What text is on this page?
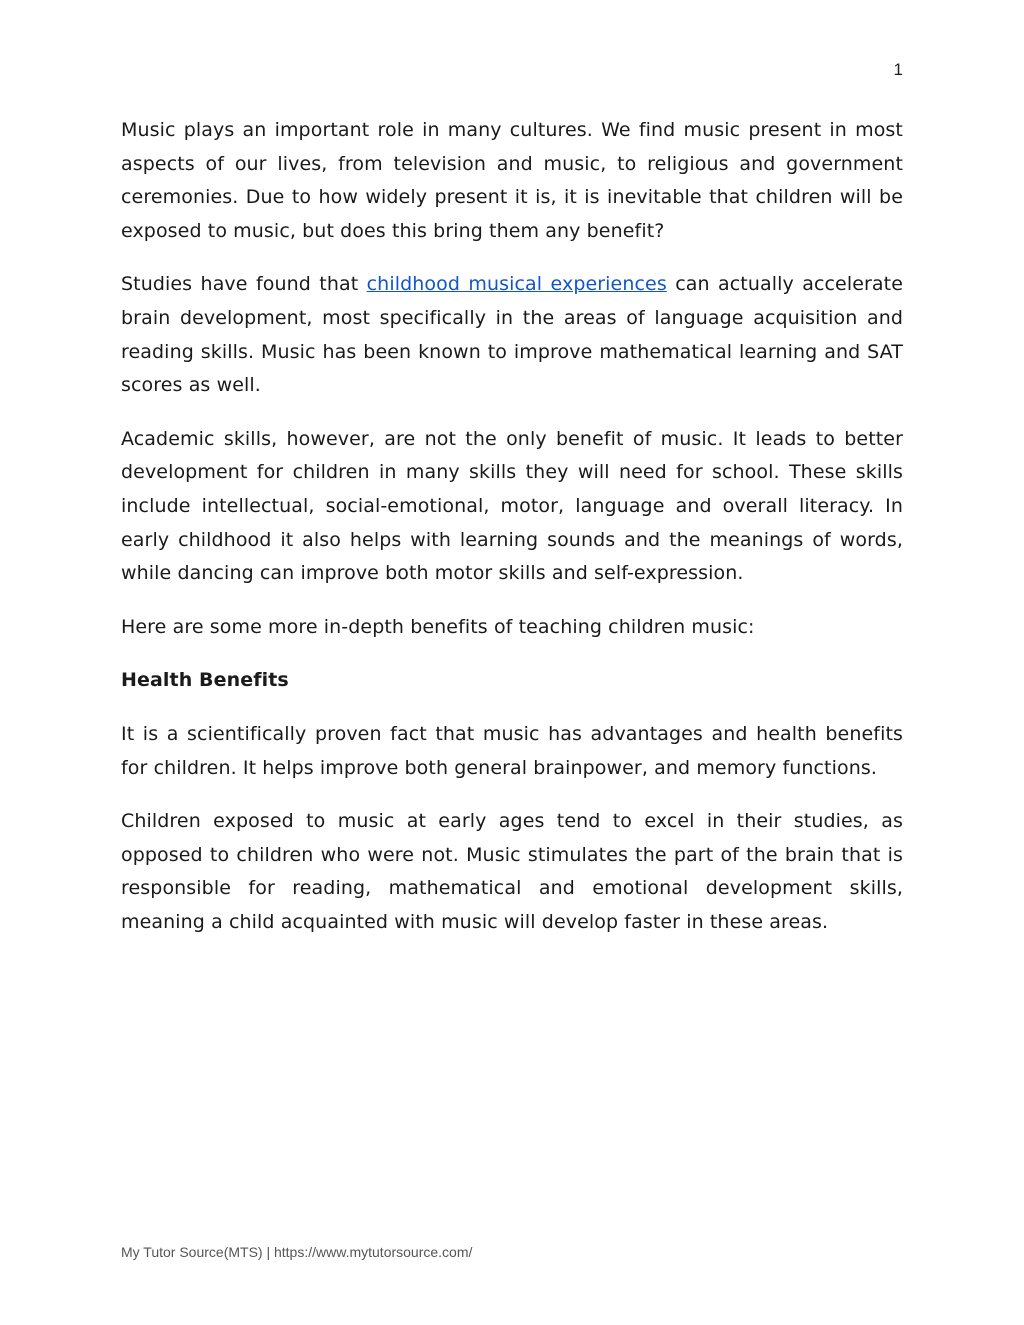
1

Music plays an important role in many cultures. We find music present in most aspects of our lives, from television and music, to religious and government ceremonies. Due to how widely present it is, it is inevitable that children will be exposed to music, but does this bring them any benefit?

Studies have found that childhood musical experiences can actually accelerate brain development, most specifically in the areas of language acquisition and reading skills. Music has been known to improve mathematical learning and SAT scores as well.

Academic skills, however, are not the only benefit of music. It leads to better development for children in many skills they will need for school. These skills include intellectual, social-emotional, motor, language and overall literacy. In early childhood it also helps with learning sounds and the meanings of words, while dancing can improve both motor skills and self-expression.

Here are some more in-depth benefits of teaching children music:

Health Benefits

It is a scientifically proven fact that music has advantages and health benefits for children. It helps improve both general brainpower, and memory functions.

Children exposed to music at early ages tend to excel in their studies, as opposed to children who were not. Music stimulates the part of the brain that is responsible for reading, mathematical and emotional development skills, meaning a child acquainted with music will develop faster in these areas.

My Tutor Source(MTS) | https://www.mytutorsource.com/
